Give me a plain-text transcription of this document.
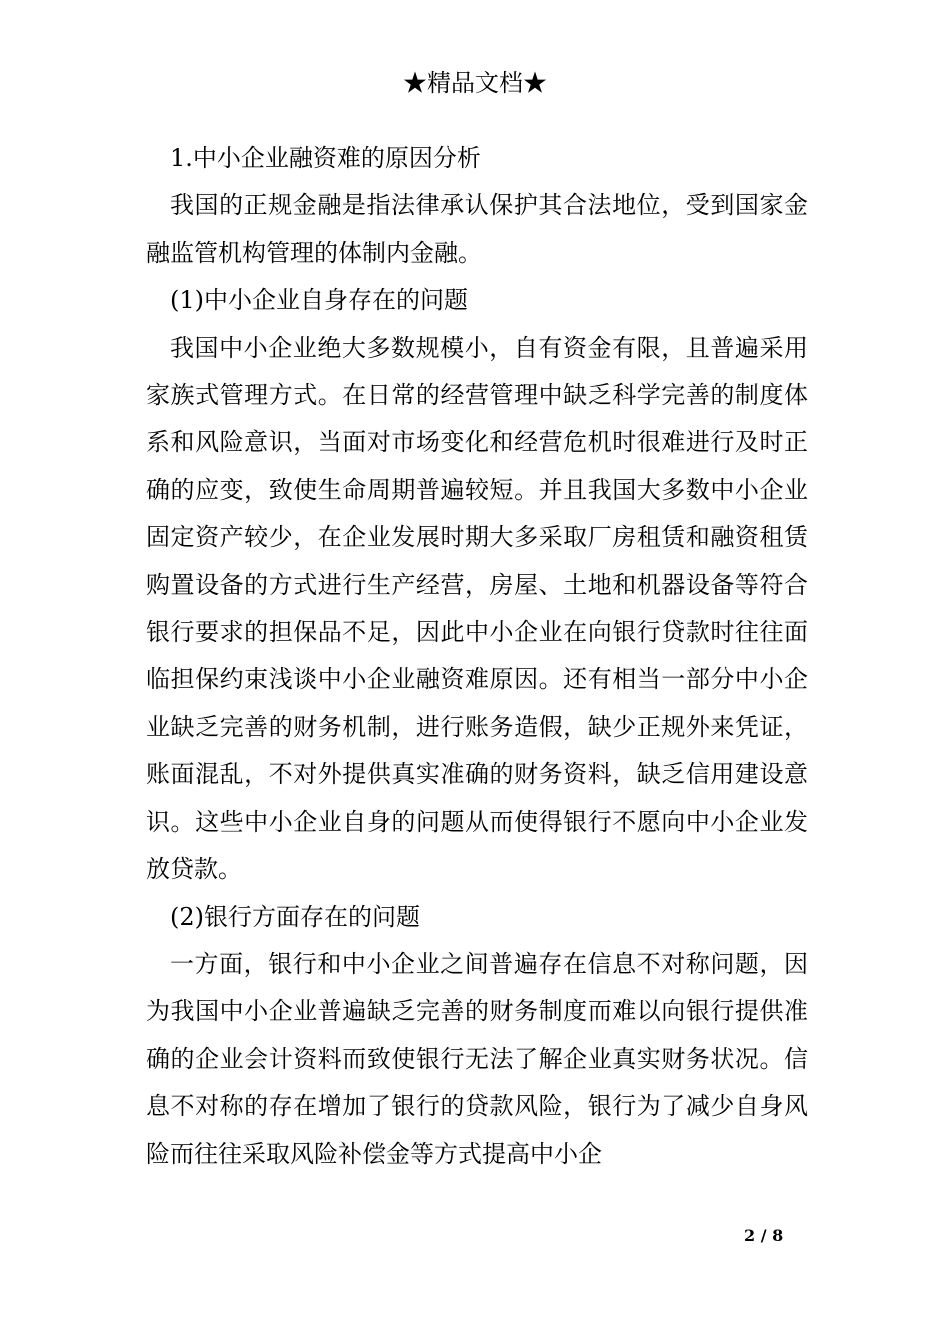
★精品文档★

1.中小企业融资难的原因分析

我国的正规金融是指法律承认保护其合法地位，受到国家金融监管机构管理的体制内金融。

(1)中小企业自身存在的问题

我国中小企业绝大多数规模小，自有资金有限，且普遍采用家族式管理方式。在日常的经营管理中缺乏科学完善的制度体系和风险意识，当面对市场变化和经营危机时很难进行及时正确的应变，致使生命周期普遍较短。并且我国大多数中小企业固定资产较少，在企业发展时期大多采取厂房租赁和融资租赁购置设备的方式进行生产经营，房屋、土地和机器设备等符合银行要求的担保品不足，因此中小企业在向银行贷款时往往面临担保约束浅谈中小企业融资难原因。还有相当一部分中小企业缺乏完善的财务机制，进行账务造假，缺少正规外来凭证，账面混乱，不对外提供真实准确的财务资料，缺乏信用建设意识。这些中小企业自身的问题从而使得银行不愿向中小企业发放贷款。

(2)银行方面存在的问题

一方面，银行和中小企业之间普遍存在信息不对称问题，因为我国中小企业普遍缺乏完善的财务制度而难以向银行提供准确的企业会计资料而致使银行无法了解企业真实财务状况。信息不对称的存在增加了银行的贷款风险，银行为了减少自身风险而往往采取风险补偿金等方式提高中小企

2 / 8
